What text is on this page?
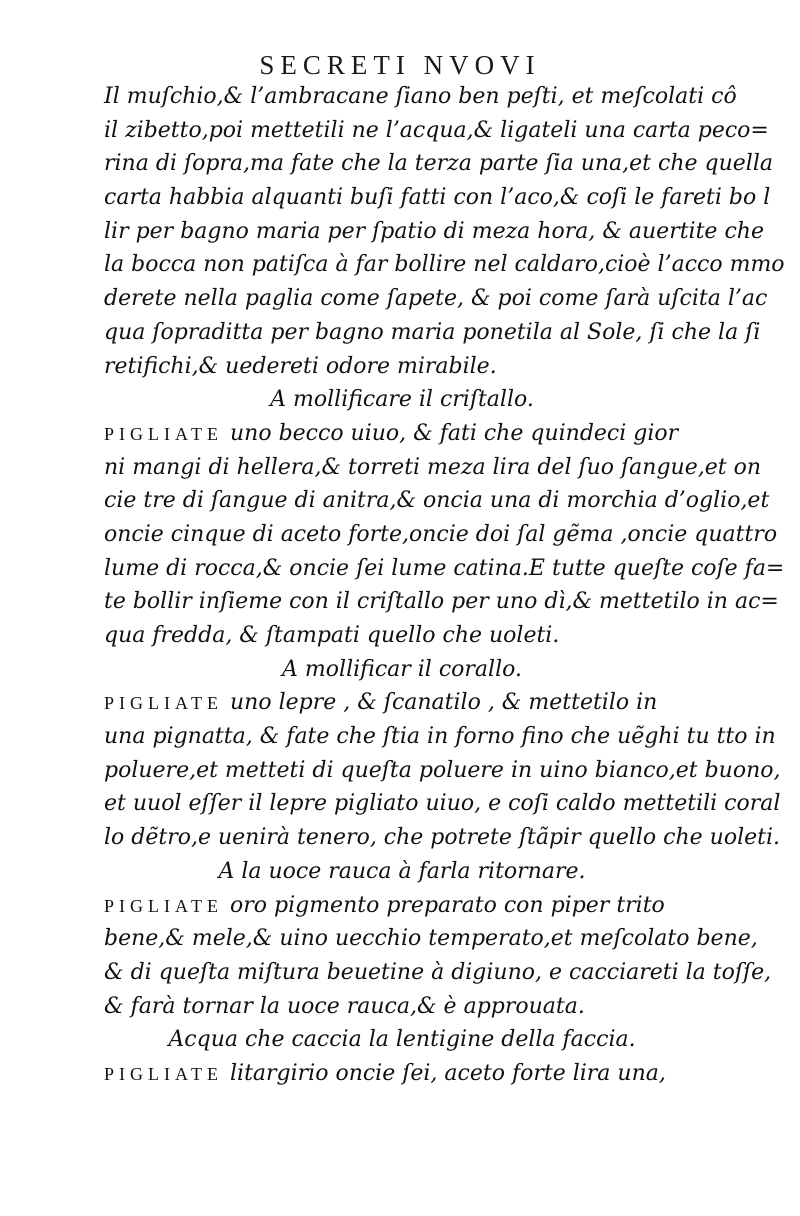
SECRETI NVOVI
Il muſchio,& l’ambracane ſiano ben peſti, et meſcolati cô
il zibetto,poi mettetili ne l’acqua,& ligateli una carta peco=
rina di ſopra,ma fate che la terza parte ſia una,et che quella
carta habbia alquanti buſi fatti con l’aco,& coſi le fareti bo l
lir per bagno maria per ſpatio di meza hora, & auertite che
la bocca non patiſca à far bollire nel caldaro,cioè l’acco mmo
derete nella paglia come ſapete, & poi come ſarà uſcita l’ac
qua ſopraditta per bagno maria ponetila al Sole, ſi che la ſi
retifichi,& uedereti odore mirabile.
A mollificare il criſtallo.
PIGLIATE uno becco uiuo, & fati che quindeci gior
ni mangi di hellera,& torreti meza lira del ſuo ſangue,et on
cie tre di ſangue di anitra,& oncia una di morchia d’oglio,et
oncie cinque di aceto forte,oncie doi ſal gẽma ,oncie quattro
lume di rocca,& oncie ſei lume catina.E tutte queſte coſe fa=
te bollir inſieme con il criſtallo per uno dì,& mettetilo in ac=
qua fredda, & ſtampati quello che uoleti.
A mollificar il corallo.
PIGLIATE uno lepre , & ſcanatilo , & mettetilo in
una pignatta, & fate che ſtia in forno fino che uẽghi tu tto in
poluere,et metteti di queſta poluere in uino bianco,et buono,
et uuol eſſer il lepre pigliato uiuo, e coſi caldo mettetili coral
lo dẽtro,e uenirà tenero, che potrete ſtãpir quello che uoleti.
A la uoce rauca à farla ritornare.
PIGLIATE oro pigmento preparato con piper trito
bene,& mele,& uino uecchio temperato,et meſcolato bene,
& di queſta miſtura beuetine à digiuno, e cacciareti la toſſe,
& farà tornar la uoce rauca,& è approuata.
Acqua che caccia la lentigine della faccia.
PIGLIATE litargirio oncie ſei, aceto forte lira una,
